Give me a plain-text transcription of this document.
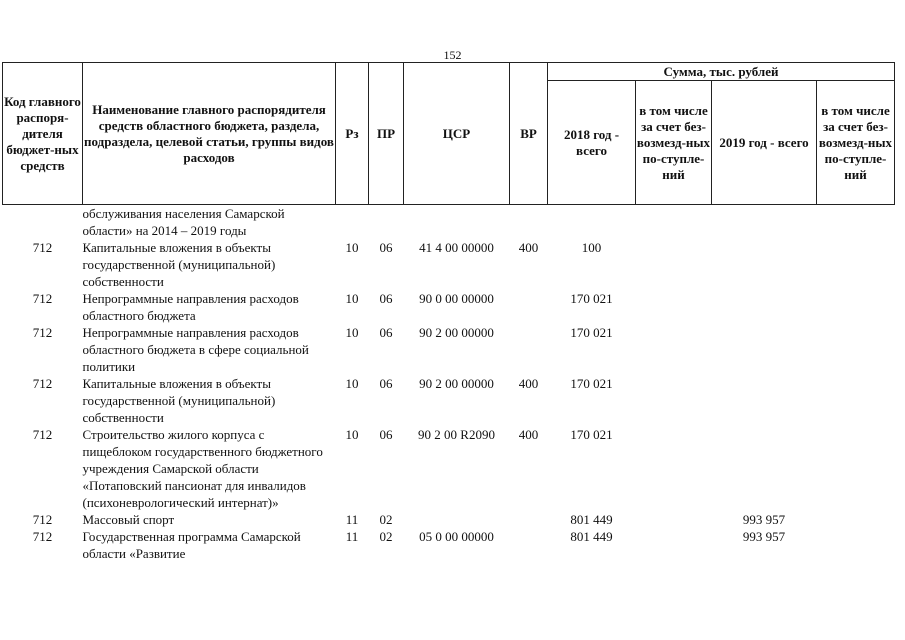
152
Код главного распоря-дителя бюджет-ных средств	Наименование главного распорядителя средств областного бюджета, раздела, подраздела, целевой статьи, группы видов расходов	Рз	ПР	ЦСР	ВР	Сумма, тыс. рублей			
						2018 год - всего	в том числе за счет без-возмезд-ных по-ступле-ний	2019 год - всего	в том числе за счет без-возмезд-ных по-ступле-ний
	обслуживания населения Самарской области» на 2014 – 2019 годы								
712	Капитальные вложения в объекты государственной (муниципальной) собственности	10	06	41 4 00 00000	400	100			
712	Непрограммные направления расходов областного бюджета	10	06	90 0 00 00000		170 021			
712	Непрограммные направления расходов областного бюджета в сфере социальной политики	10	06	90 2 00 00000		170 021			
712	Капитальные вложения в объекты государственной (муниципальной) собственности	10	06	90 2 00 00000	400	170 021			
712	Строительство жилого корпуса с пищеблоком государственного бюджетного учреждения Самарской области «Потаповский пансионат для инвалидов (психоневрологический интернат)»	10	06	90 2 00 R2090	400	170 021			
712	Массовый спорт	11	02			801 449		993 957	
712	Государственная программа Самарской области «Развитие	11	02	05 0 00 00000		801 449		993 957	
